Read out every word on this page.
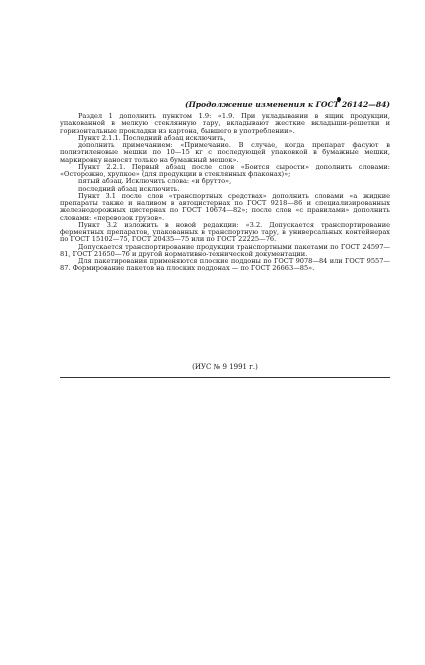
(Продолжение изменения к ГОСТ 26142—84)

Раздел 1 дополнить пунктом 1.9: «1.9. При укладывании в ящик продукции, упакованной в мелкую стеклянную тару, вкладывают жесткие вкладыши-решетки и горизонтальные прокладки из картона, бывшего в употреблении».

Пункт 2.1.1. Последний абзац исключить,

дополнить примечанием: «Примечание. В случае, когда препарат фасуют в полиэтиленовые мешки по 10—15 кг с последующей упаковкой в бумажные мешки, маркировку наносят только на бумажный мешок».

Пункт 2.2.1. Первый абзац после слов «Боится сырости» дополнить словами: «Осторожно, хрупкое» (для продукции в стеклянных флаконах)»;

пятый абзац. Исключить слова: «и брутто»,

последний абзац исключить.

Пункт 3.1 после слов «транспортных средствах» дополнить словами «а жидкие препараты также и наливом в автоцистернах по ГОСТ 9218—86 и специализированных железнодорожных цистернах по ГОСТ 10674—82»; после слов «с правилами» дополнить словами: «перевозок грузов».

Пункт 3.2 изложить в новой редакции: «3.2. Допускается транспортирование ферментных препаратов, упакованных в транспортную тару, в универсальных контейнерах по ГОСТ 15102—75, ГОСТ 20435—75 или по ГОСТ 22225—76.

Допускается транспортирование продукции транспортными пакетами по ГОСТ 24597—81, ГОСТ 21650—76 и другой нормативно-технической документации.

Для пакетирования применяются плоские поддоны по ГОСТ 9078—84 или ГОСТ 9557—87. Формирование пакетов на плоских поддонах — по ГОСТ 26663—85».

(ИУС № 9 1991 г.)
